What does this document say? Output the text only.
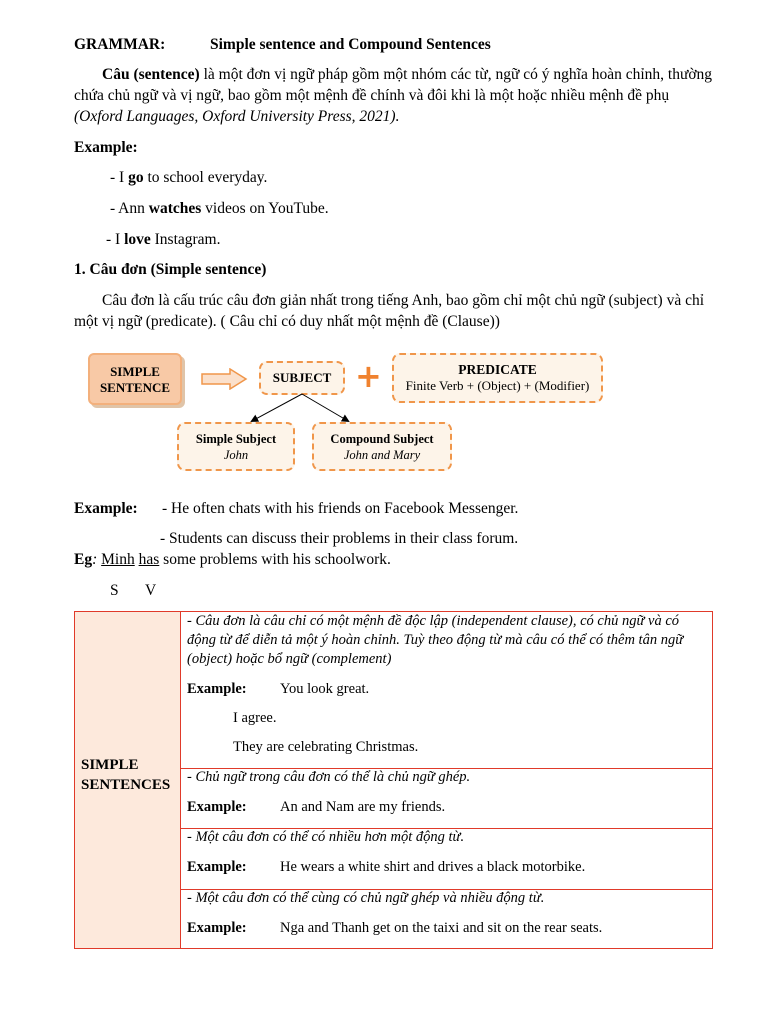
GRAMMAR:	Simple sentence and Compound Sentences
Câu (sentence) là một đơn vị ngữ pháp gồm một nhóm các từ, ngữ có ý nghĩa hoàn chỉnh, thường chứa chủ ngữ và vị ngữ, bao gồm một mệnh đề chính và đôi khi là một hoặc nhiều mệnh đề phụ (Oxford Languages, Oxford University Press, 2021).
Example:
- I go to school everyday.
- Ann watches videos on YouTube.
- I love Instagram.
1. Câu đơn (Simple sentence)
Câu đơn là cấu trúc câu đơn giản nhất trong tiếng Anh, bao gồm chỉ một chủ ngữ (subject) và chỉ một vị ngữ (predicate). ( Câu chỉ có duy nhất một mệnh đề (Clause))
SIMPLE
SENTENCE
SUBJECT +	PREDICATE
Finite Verb + (Object) + (Modifier)
Simple Subject
John
Compound Subject
John and Mary
Example: - He often chats with his friends on Facebook Messenger.
- Students can discuss their problems in their class forum.
Eg: Minh has some problems with his schoolwork.
S V
SIMPLE
SENTENCES
- Câu đơn là câu chỉ có một mệnh đề độc lập (independent clause), có chủ ngữ và có động từ để diễn tả một ý hoàn chỉnh. Tuỳ theo động từ mà câu có thể có thêm tân ngữ (object) hoặc bổ ngữ (complement)
Example: You look great.
I agree.
They are celebrating Christmas.
- Chủ ngữ trong câu đơn có thể là chủ ngữ ghép.
Example: An and Nam are my friends.
- Một câu đơn có thể có nhiều hơn một động từ.
Example: He wears a white shirt and drives a black motorbike.
- Một câu đơn có thể cùng có chủ ngữ ghép và nhiều động từ.
Example: Nga and Thanh get on the taixi and sit on the rear seats.
